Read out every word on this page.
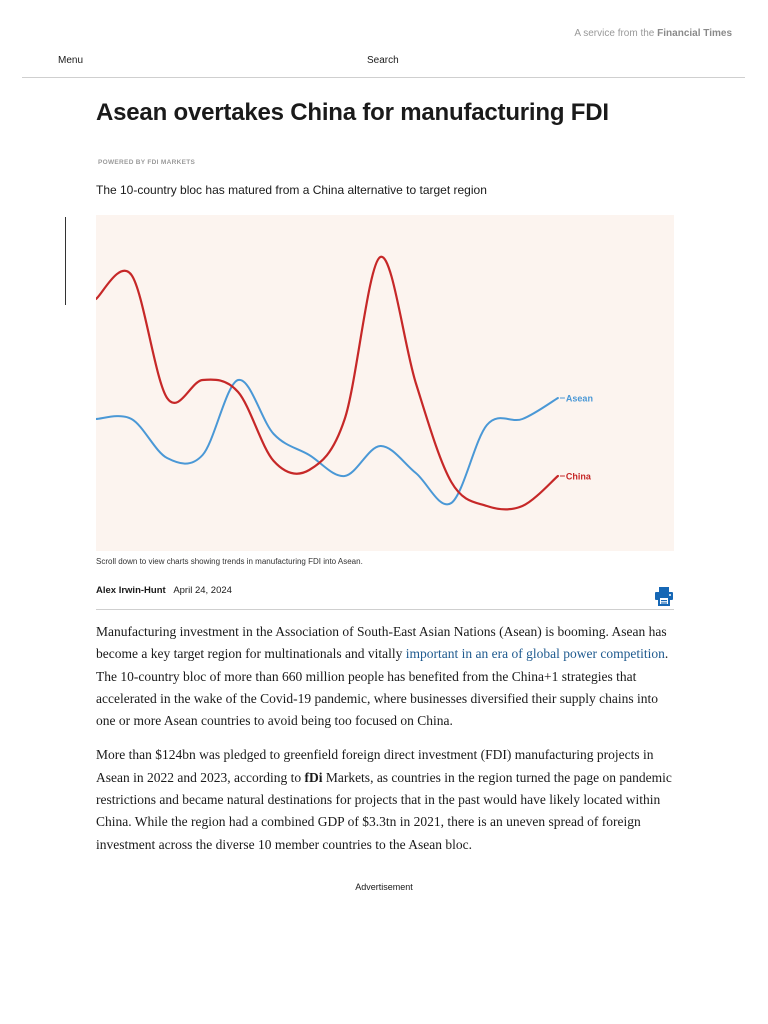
A service from the Financial Times
Menu	Search
Asean overtakes China for manufacturing FDI
POWERED BY FDI MARKETS
The 10-country bloc has matured from a China alternative to target region
Asean
China
Scroll down to view charts showing trends in manufacturing FDI into Asean.
Alex Irwin-Hunt April 24, 2024

Manufacturing investment in the Association of South-East Asian Nations (Asean) is booming. Asean has become a key target region for multinationals and vitally important in an era of global power competition. The 10-country bloc of more than 660 million people has benefited from the China+1 strategies that accelerated in the wake of the Covid-19 pandemic, where businesses diversified their supply chains into one or more Asean countries to avoid being too focused on China.

More than $124bn was pledged to greenfield foreign direct investment (FDI) manufacturing projects in Asean in 2022 and 2023, according to fDi Markets, as countries in the region turned the page on pandemic restrictions and became natural destinations for projects that in the past would have likely located within China. While the region had a combined GDP of $3.3tn in 2021, there is an uneven spread of foreign investment across the diverse 10 member countries to the Asean bloc.

Advertisement
